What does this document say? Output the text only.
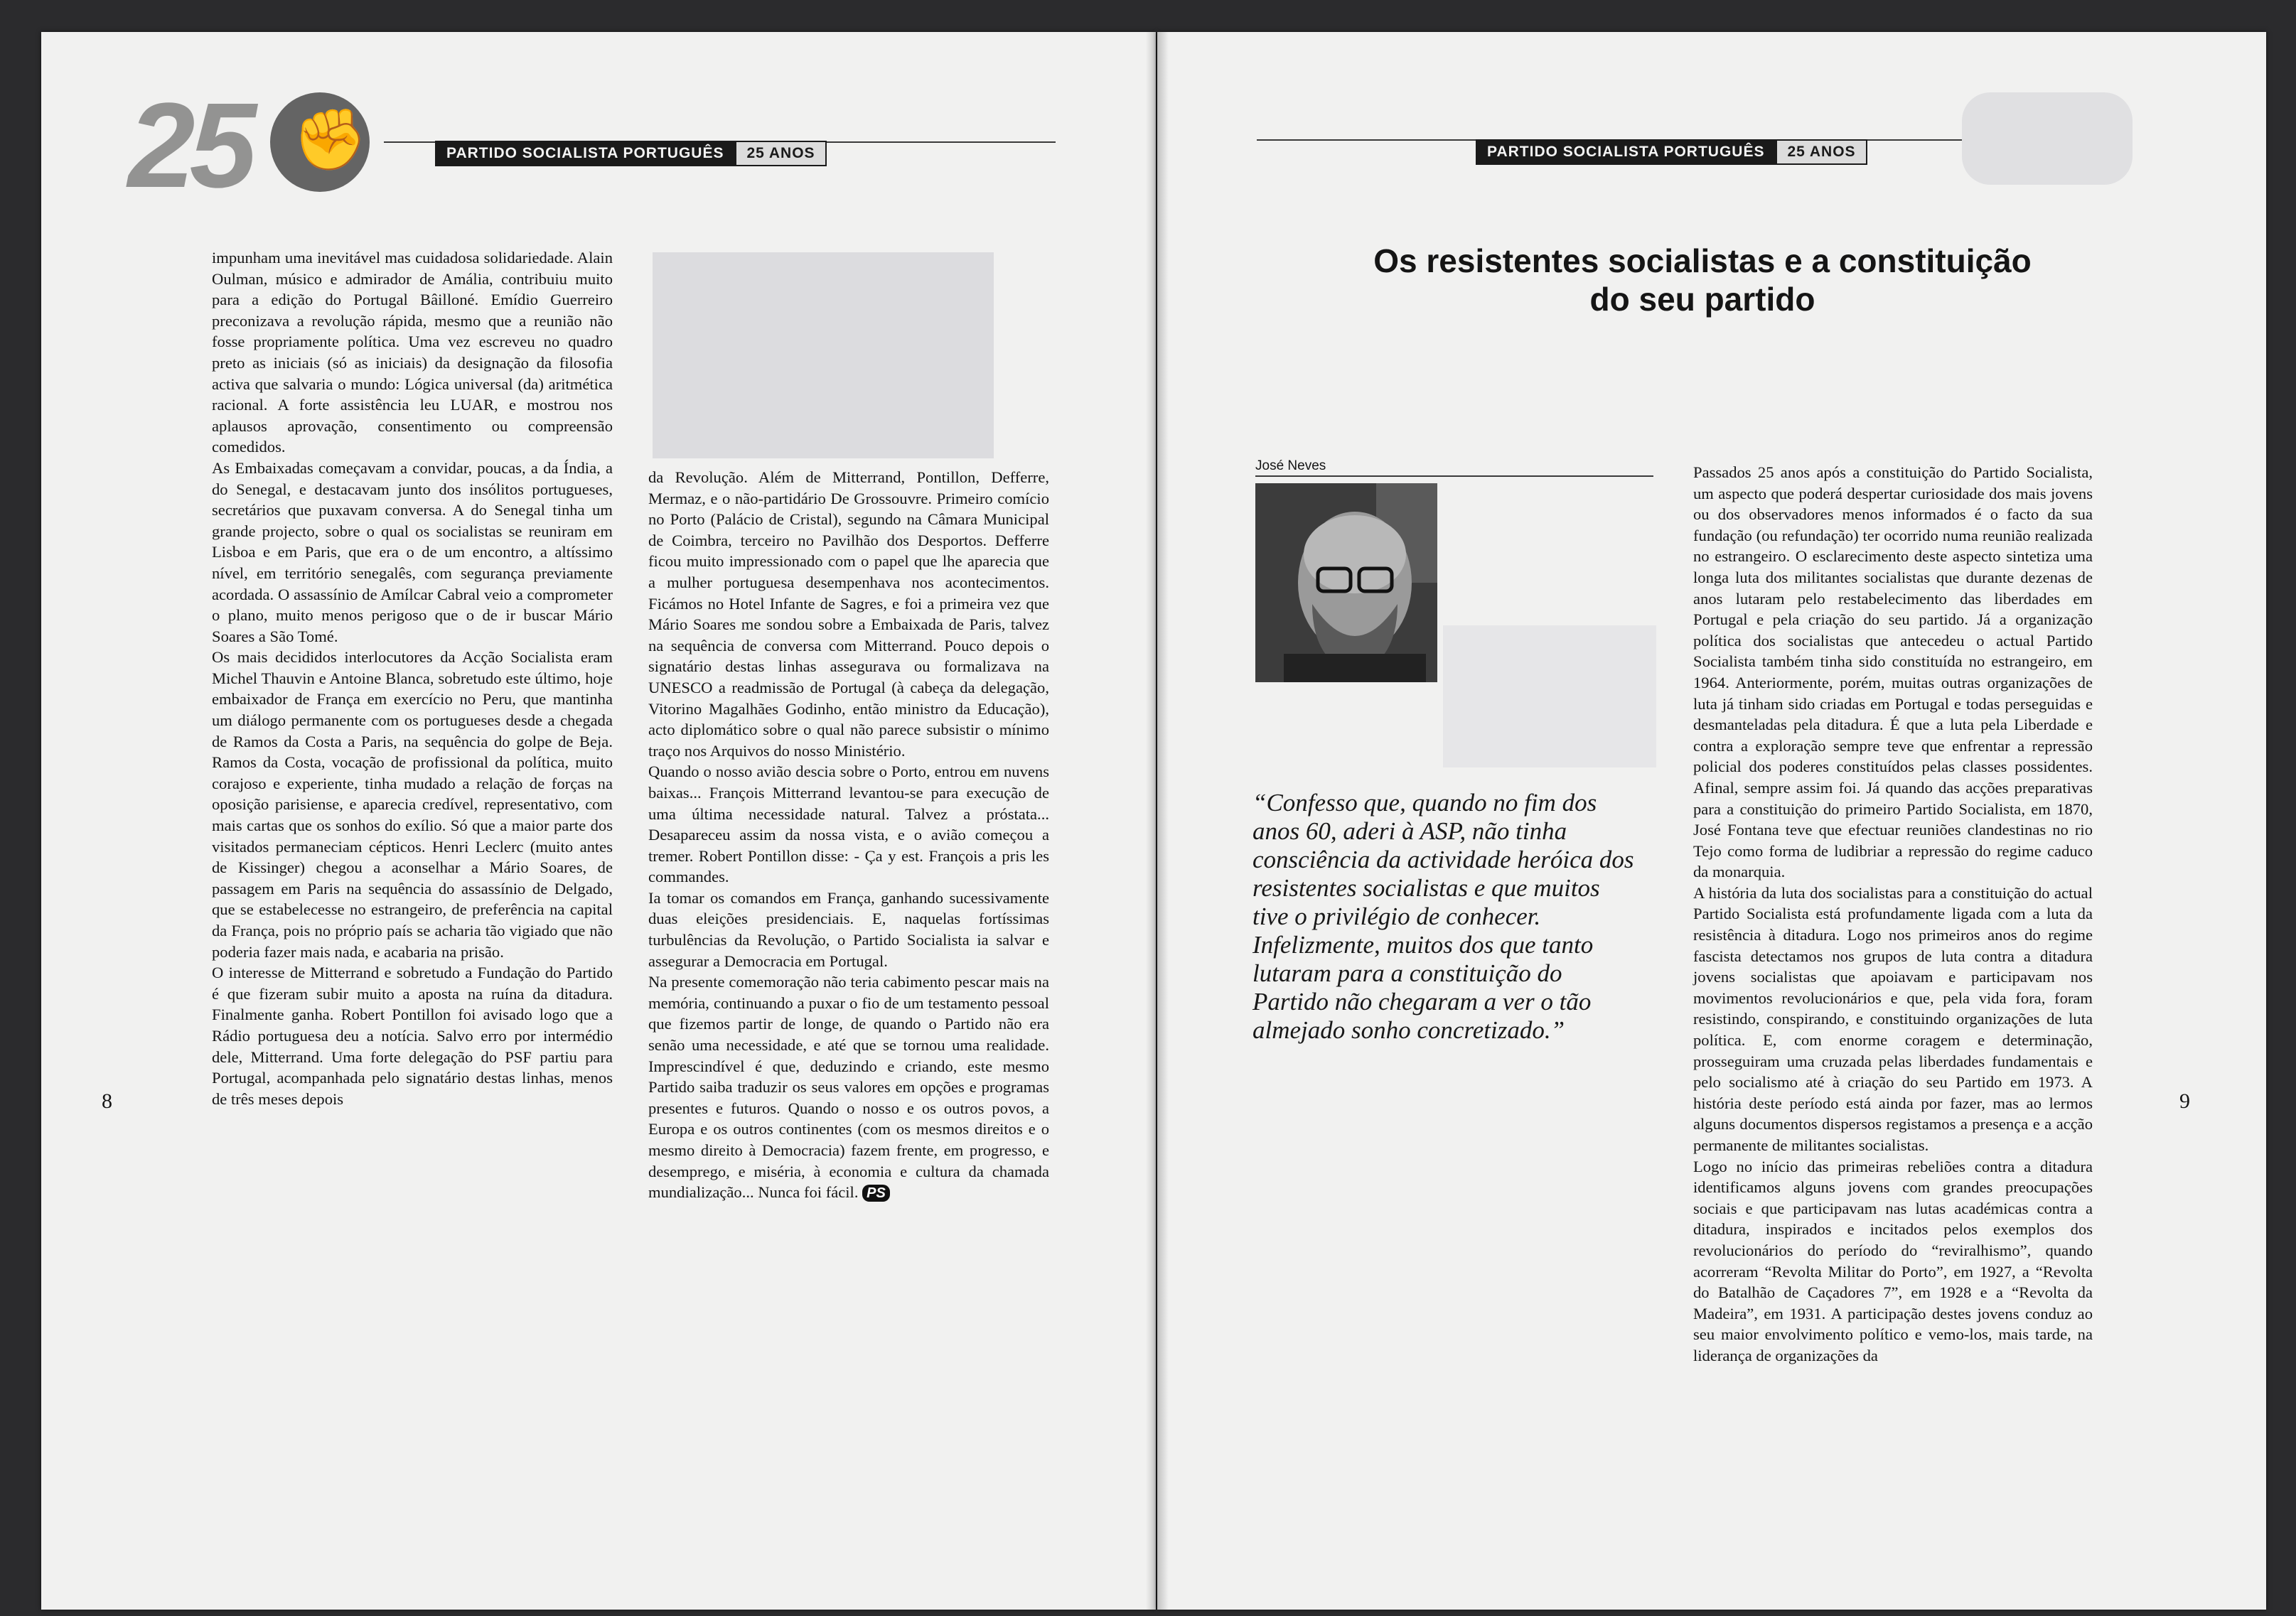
25 ✊	PARTIDO SOCIALISTA PORTUGUÊS	25 ANOS

impunham uma inevitável mas cuidadosa solidariedade. Alain Oulman, músico e admirador de Amália, contribuiu muito para a edição do Portugal Bâilloné. Emídio Guerreiro preconizava a revolução rápida, mesmo que a reunião não fosse propriamente política. Uma vez escreveu no quadro preto as iniciais (só as iniciais) da designação da filosofia activa que salvaria o mundo: Lógica universal (da) aritmética racional. A forte assistência leu LUAR, e mostrou nos aplausos aprovação, consentimento ou compreensão comedidos.

As Embaixadas começavam a convidar, poucas, a da Índia, a do Senegal, e destacavam junto dos insólitos portugueses, secretários que puxavam conversa. A do Senegal tinha um grande projecto, sobre o qual os socialistas se reuniram em Lisboa e em Paris, que era o de um encontro, a altíssimo nível, em território senegalês, com segurança previamente acordada. O assassínio de Amílcar Cabral veio a comprometer o plano, muito menos perigoso que o de ir buscar Mário Soares a São Tomé.

Os mais decididos interlocutores da Acção Socialista eram Michel Thauvin e Antoine Blanca, sobretudo este último, hoje embaixador de França em exercício no Peru, que mantinha um diálogo permanente com os portugueses desde a chegada de Ramos da Costa a Paris, na sequência do golpe de Beja. Ramos da Costa, vocação de profissional da política, muito corajoso e experiente, tinha mudado a relação de forças na oposição parisiense, e aparecia credível, representativo, com mais cartas que os sonhos do exílio. Só que a maior parte dos visitados permaneciam cépticos. Henri Leclerc (muito antes de Kissinger) chegou a aconselhar a Mário Soares, de passagem em Paris na sequência do assassínio de Delgado, que se estabelecesse no estrangeiro, de preferência na capital da França, pois no próprio país se acharia tão vigiado que não poderia fazer mais nada, e acabaria na prisão.

O interesse de Mitterrand e sobretudo a Fundação do Partido é que fizeram subir muito a aposta na ruína da ditadura. Finalmente ganha. Robert Pontillon foi avisado logo que a Rádio portuguesa deu a notícia. Salvo erro por intermédio dele, Mitterrand. Uma forte delegação do PSF partiu para Portugal, acompanhada pelo signatário destas linhas, menos de três meses depois

da Revolução. Além de Mitterrand, Pontillon, Defferre, Mermaz, e o não-partidário De Grossouvre. Primeiro comício no Porto (Palácio de Cristal), segundo na Câmara Municipal de Coimbra, terceiro no Pavilhão dos Desportos. Defferre ficou muito impressionado com o papel que lhe aparecia que a mulher portuguesa desempenhava nos acontecimentos. Ficámos no Hotel Infante de Sagres, e foi a primeira vez que Mário Soares me sondou sobre a Embaixada de Paris, talvez na sequência de conversa com Mitterrand. Pouco depois o signatário destas linhas assegurava ou formalizava na UNESCO a readmissão de Portugal (à cabeça da delegação, Vitorino Magalhães Godinho, então ministro da Educação), acto diplomático sobre o qual não parece subsistir o mínimo traço nos Arquivos do nosso Ministério.

Quando o nosso avião descia sobre o Porto, entrou em nuvens baixas... François Mitterrand levantou-se para execução de uma última necessidade natural. Talvez a próstata... Desapareceu assim da nossa vista, e o avião começou a tremer. Robert Pontillon disse: - Ça y est. François a pris les commandes.

Ia tomar os comandos em França, ganhando sucessivamente duas eleições presidenciais. E, naquelas fortíssimas turbulências da Revolução, o Partido Socialista ia salvar e assegurar a Democracia em Portugal.

Na presente comemoração não teria cabimento pescar mais na memória, continuando a puxar o fio de um testamento pessoal que fizemos partir de longe, de quando o Partido não era senão uma necessidade, e até que se tornou uma realidade. Imprescindível é que, deduzindo e criando, este mesmo Partido saiba traduzir os seus valores em opções e programas presentes e futuros. Quando o nosso e os outros povos, a Europa e os outros continentes (com os mesmos direitos e o mesmo direito à Democracia) fazem frente, em progresso, e desemprego, e miséria, à economia e cultura da chamada mundialização... Nunca foi fácil. PS

8
PARTIDO SOCIALISTA PORTUGUÊS	25 ANOS
Os resistentes socialistas e a constituição
do seu partido
José Neves
“Confesso que, quando no fim dos anos 60, aderi à ASP, não tinha consciência da actividade heróica dos resistentes socialistas e que muitos tive o privilégio de conhecer. Infelizmente, muitos dos que tanto lutaram para a constituição do Partido não chegaram a ver o tão almejado sonho concretizado.”

Passados 25 anos após a constituição do Partido Socialista, um aspecto que poderá despertar curiosidade dos mais jovens ou dos observadores menos informados é o facto da sua fundação (ou refundação) ter ocorrido numa reunião realizada no estrangeiro. O esclarecimento deste aspecto sintetiza uma longa luta dos militantes socialistas que durante dezenas de anos lutaram pelo restabelecimento das liberdades em Portugal e pela criação do seu partido. Já a organização política dos socialistas que antecedeu o actual Partido Socialista também tinha sido constituída no estrangeiro, em 1964. Anteriormente, porém, muitas outras organizações de luta já tinham sido criadas em Portugal e todas perseguidas e desmanteladas pela ditadura. É que a luta pela Liberdade e contra a exploração sempre teve que enfrentar a repressão policial dos poderes constituídos pelas classes possidentes. Afinal, sempre assim foi. Já quando das acções preparativas para a constituição do primeiro Partido Socialista, em 1870, José Fontana teve que efectuar reuniões clandestinas no rio Tejo como forma de ludibriar a repressão do regime caduco da monarquia.

A história da luta dos socialistas para a constituição do actual Partido Socialista está profundamente ligada com a luta da resistência à ditadura. Logo nos primeiros anos do regime fascista detectamos nos grupos de luta contra a ditadura jovens socialistas que apoiavam e participavam nos movimentos revolucionários e que, pela vida fora, foram resistindo, conspirando, e constituindo organizações de luta política. E, com enorme coragem e determinação, prosseguiram uma cruzada pelas liberdades fundamentais e pelo socialismo até à criação do seu Partido em 1973. A história deste período está ainda por fazer, mas ao lermos alguns documentos dispersos registamos a presença e a acção permanente de militantes socialistas.

Logo no início das primeiras rebeliões contra a ditadura identificamos alguns jovens com grandes preocupações sociais e que participavam nas lutas académicas contra a ditadura, inspirados e incitados pelos exemplos dos revolucionários do período do “reviralhismo”, quando acorreram “Revolta Militar do Porto”, em 1927, a “Revolta do Batalhão de Caçadores 7”, em 1928 e a “Revolta da Madeira”, em 1931. A participação destes jovens conduz ao seu maior envolvimento político e vemo-los, mais tarde, na liderança de organizações da

9
